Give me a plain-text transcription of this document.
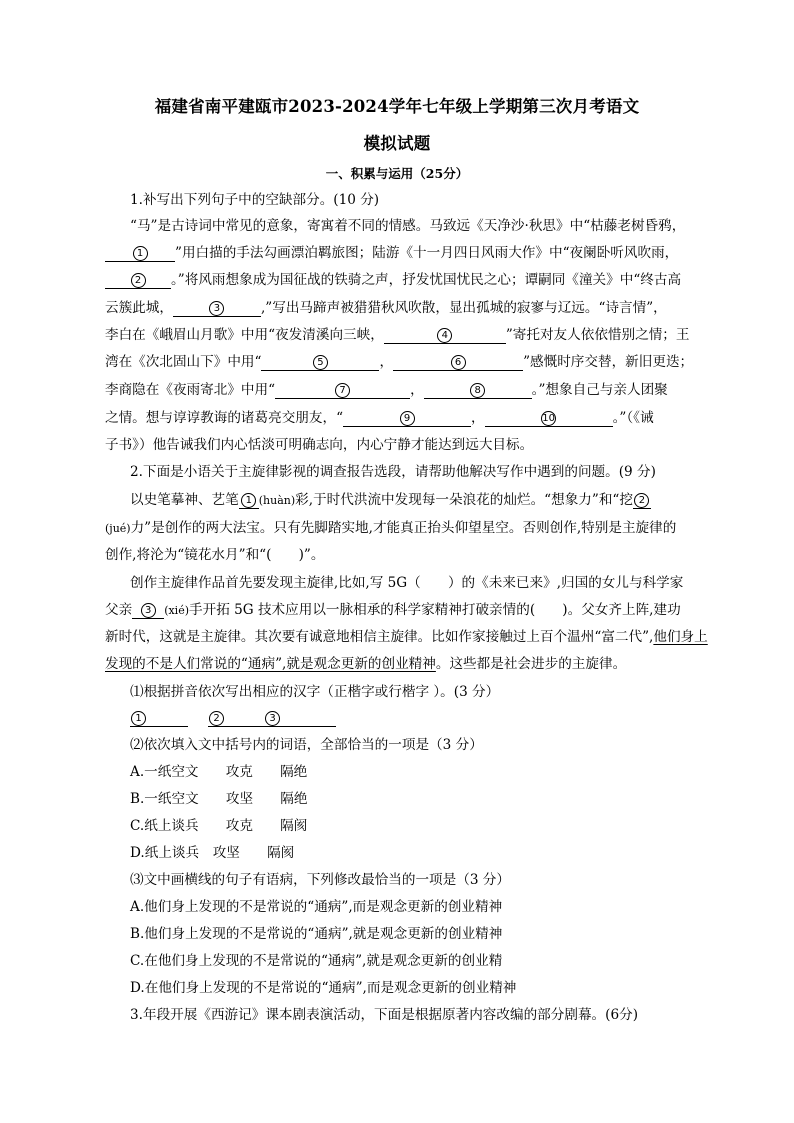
福建省南平建瓯市2023-2024学年七年级上学期第三次月考语文
模拟试题
一、积累与运用（25分）
1.补写出下列句子中的空缺部分。(10 分)
“马”是古诗词中常见的意象，寄寓着不同的情感。马致远《天净沙·秋思》中“枯藤老树昏鸦，
1 ”用白描的手法勾画漂泊羁旅图；陆游《十一月四日风雨大作》中“夜阑卧听风吹雨，
2 。”将风雨想象成为国征战的铁骑之声，抒发忧国忧民之心；谭嗣同《潼关》中“终古高
云簇此城，	3	,”写出马蹄声被猎猎秋风吹散，显出孤城的寂寥与辽远。“诗言情”，
李白在《峨眉山月歌》中用“夜发清溪向三峡，	4	”寄托对友人依依惜别之情；王
湾在《次北固山下》中用“	5	，	6	”感慨时序交替，新旧更迭；
李商隐在《夜雨寄北》中用“	7	，	8	。”想象自己与亲人团聚
之情。想与谆谆教诲的诸葛亮交朋友，“	9	，	10	。”（《诫
子书》）他告诫我们内心恬淡可明确志向，内心宁静才能达到远大目标。
2.下面是小语关于主旋律影视的调查报告选段，请帮助他解决写作中遇到的问题。(9 分)
以史笔摹神、艺笔 1 (huàn)彩,于时代洪流中发现每一朵浪花的灿烂。“想象力”和“挖 2
(jué)力”是创作的两大法宝。只有先脚踏实地,才能真正抬头仰望星空。否则创作,特别是主旋律的
创作,将沦为“镜花水月”和“(　　)”。
创作主旋律作品首先要发现主旋律,比如,写 5G（　　）的《未来已来》,归国的女儿与科学家
父亲 3 (xié)手开拓 5G 技术应用以一脉相承的科学家精神打破亲情的(　　)。父女齐上阵,建功
新时代，这就是主旋律。其次要有诚意地相信主旋律。比如作家接触过上百个温州“富二代”,他们身上
发现的不是人们常说的“通病”,就是观念更新的创业精神。这些都是社会进步的主旋律。
⑴根据拼音依次写出相应的汉字（正楷字或行楷字 ）。(3 分）
1	2	3
⑵依次填入文中括号内的词语，全部恰当的一项是（3 分）
A.一纸空文　　攻克　　隔绝
B.一纸空文　　攻坚　　隔绝
C.纸上谈兵　　攻克　　隔阂
D.纸上谈兵　攻坚　　隔阂
⑶文中画横线的句子有语病，下列修改最恰当的一项是（3 分）
A.他们身上发现的不是常说的“通病”,而是观念更新的创业精神
B.他们身上发现的不是常说的“通病”,就是观念更新的创业精神
C.在他们身上发现的不是常说的“通病”,就是观念更新的创业精
D.在他们身上发现的不是常说的“通病”,而是观念更新的创业精神
3.年段开展《西游记》课本剧表演活动，下面是根据原著内容改编的部分剧幕。(6分)
